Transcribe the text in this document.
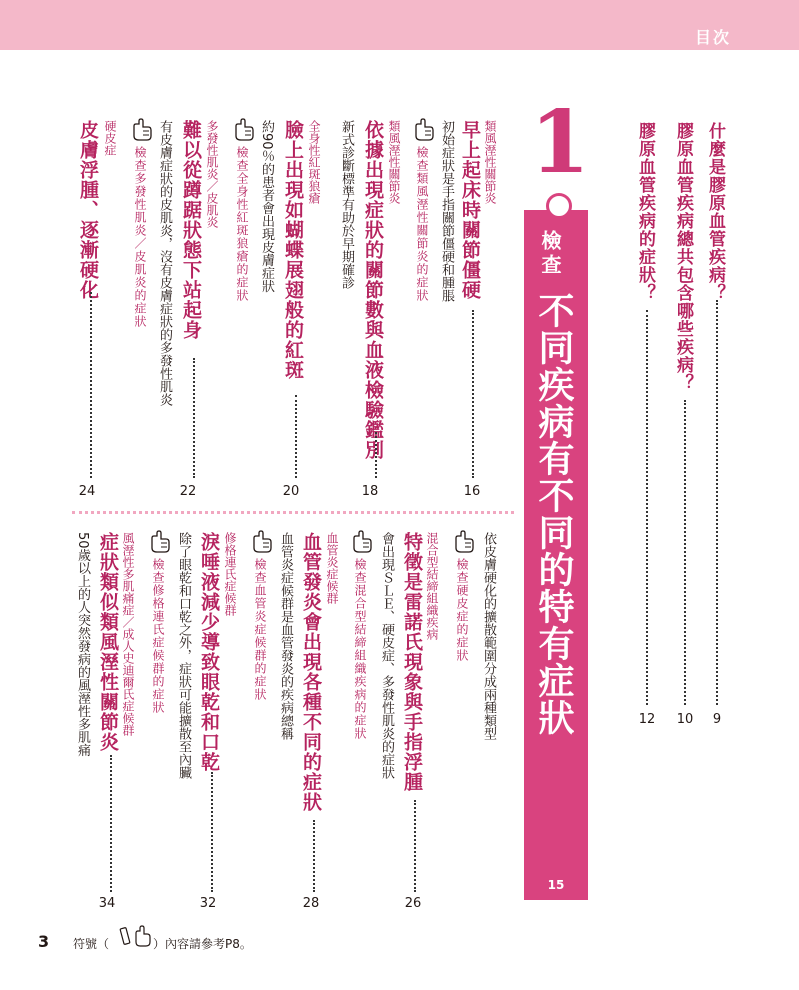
目次
什麼是膠原血管疾病？
9
膠原血管疾病總共包含哪些疾病？
10
膠原血管疾病的症狀？
12
1
檢查
不同疾病有不同的特有症狀
15
類風溼性關節炎
早上起床時關節僵硬
初始症狀是手指關節僵硬和腫脹
檢查類風溼性關節炎的症狀
16
類風溼性關節炎
依據出現症狀的關節數與血液檢驗鑑別
新式診斷標準有助於早期確診
18
全身性紅斑狼瘡
臉上出現如蝴蝶展翅般的紅斑
約90％的患者會出現皮膚症狀
檢查全身性紅斑狼瘡的症狀
20
多發性肌炎／皮肌炎
難以從蹲踞狀態下站起身
有皮膚症狀的皮肌炎，沒有皮膚症狀的多發性肌炎
檢查多發性肌炎／皮肌炎的症狀
22
硬皮症
皮膚浮腫、逐漸硬化
24
依皮膚硬化的擴散範圍分成兩種類型
檢查硬皮症的症狀
混合型結締組織疾病
特徵是雷諾氏現象與手指浮腫
會出現ＳＬＥ、硬皮症、多發性肌炎的症狀
檢查混合型結締組織疾病的症狀
26
血管炎症候群
血管發炎會出現各種不同的症狀
血管炎症候群是血管發炎的疾病總稱
檢查血管炎症候群的症狀
28
修格連氏症候群
淚唾液減少導致眼乾和口乾
除了眼乾和口乾之外，症狀可能擴散至內臟
檢查修格連氏症候群的症狀
32
風溼性多肌痛症／成人史迪爾氏症候群
症狀類似類風溼性關節炎
50歲以上的人突然發病的風溼性多肌痛
34
3 符號（	）內容請參考P8。
